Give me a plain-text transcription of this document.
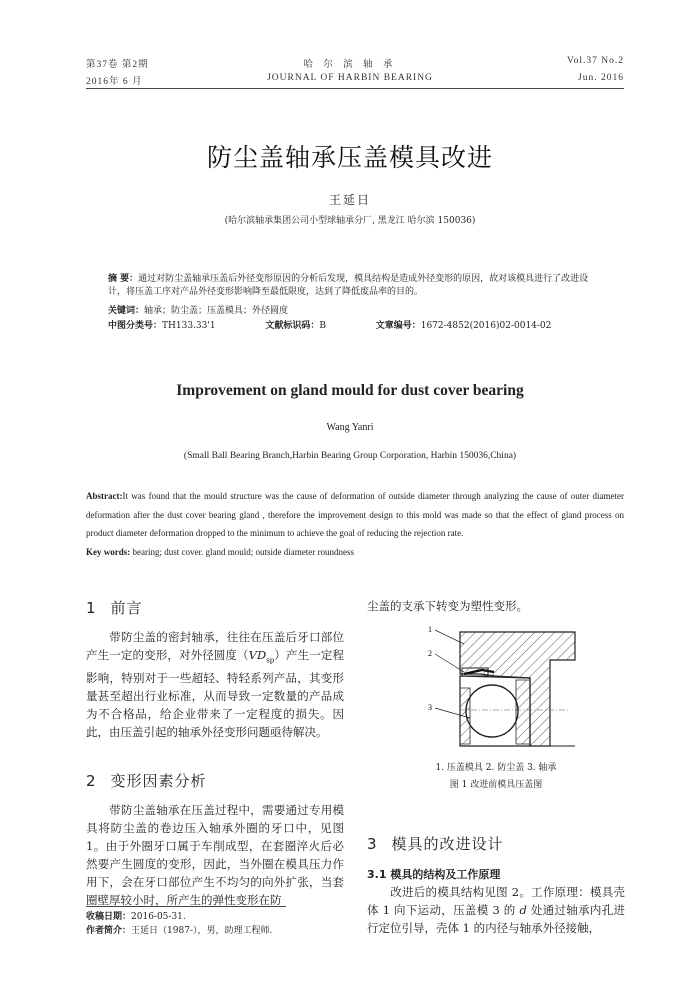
第37卷 第2期
2016年 6 月
哈 尔 滨 轴 承
JOURNAL OF HARBIN BEARING
Vol.37 No.2
Jun. 2016
防尘盖轴承压盖模具改进
王延日
(哈尔滨轴承集团公司小型球轴承分厂, 黑龙江 哈尔滨 150036)
摘 要：通过对防尘盖轴承压盖后外径变形原因的分析后发现，模具结构是造成外径变形的原因，故对该模具进行了改进设计，将压盖工序对产品外径变形影响降至最低限度，达到了降低废品率的目的。
关键词：轴承；防尘盖；压盖模具；外径圆度
中图分类号：TH133.33'1	文献标识码：B	文章编号：1672-4852(2016)02-0014-02
Improvement on gland mould for dust cover bearing
Wang Yanri
(Small Ball Bearing Branch,Harbin Bearing Group Corporation, Harbin 150036,China)
Abstract:It was found that the mould structure was the cause of deformation of outside diameter through analyzing the cause of outer diameter deformation after the dust cover bearing gland , therefore the improvement design to this mold was made so that the effect of gland process on product diameter deformation dropped to the minimum to achieve the goal of reducing the rejection rate.
Key words: bearing; dust cover. gland mould; outside diameter roundness
1 前言
带防尘盖的密封轴承，往往在压盖后牙口部位产生一定的变形，对外径圆度$(VD_{sp})$产生一定程影响，特别对于一些超轻、特轻系列产品，其变形量甚至超出行业标准，从而导致一定数量的产品成为不合格品，给企业带来了一定程度的损失。因此，由压盖引起的轴承外径变形问题亟待解决。
2 变形因素分析
带防尘盖轴承在压盖过程中，需要通过专用模具将防尘盖的卷边压入轴承外圈的牙口中，见图 1。由于外圈牙口属于车削成型，在套圈淬火后必然要产生圆度的变形，因此，当外圈在模具压力作用下，会在牙口部位产生不均匀的向外扩张，当套圈壁厚较小时，所产生的弹性变形在防
收稿日期：2016-05-31.
作者简介：王延日（1987-），男，助理工程师.
尘盖的支承下转变为塑性变形。
1
2
3
1. 压盖模具 2. 防尘盖 3. 轴承
图 1 改进前模具压盖图
3 模具的改进设计
3.1 模具的结构及工作原理
改进后的模具结构见图 2。工作原理：模具壳体 1 向下运动，压盖模 3 的 d 处通过轴承内孔进行定位引导，壳体 1 的内径与轴承外径接触，
